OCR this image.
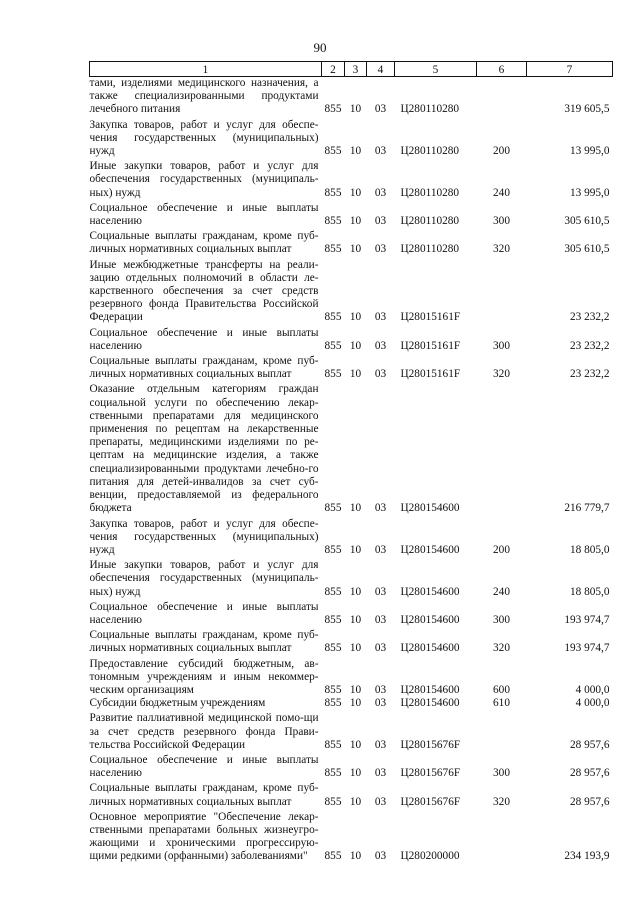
90
1	2	3	4	5	6	7
тами, изделиями медицинского назначения, а также специализированными продуктами лечебного питания	855	10	03	Ц280110280		319 605,5
Закупка товаров, работ и услуг для обеспе-чения государственных (муниципальных) нужд	855	10	03	Ц280110280	200	13 995,0
Иные закупки товаров, работ и услуг для обеспечения государственных (муниципаль-ных) нужд	855	10	03	Ц280110280	240	13 995,0
Социальное обеспечение и иные выплаты населению	855	10	03	Ц280110280	300	305 610,5
Социальные выплаты гражданам, кроме пуб-личных нормативных социальных выплат	855	10	03	Ц280110280	320	305 610,5
Иные межбюджетные трансферты на реали-зацию отдельных полномочий в области ле-карственного обеспечения за счет средств резервного фонда Правительства Российской Федерации	855	10	03	Ц28015161F		23 232,2
Социальное обеспечение и иные выплаты населению	855	10	03	Ц28015161F	300	23 232,2
Социальные выплаты гражданам, кроме пуб-личных нормативных социальных выплат	855	10	03	Ц28015161F	320	23 232,2
Оказание отдельным категориям граждан социальной услуги по обеспечению лекар-ственными препаратами для медицинского применения по рецептам на лекарственные препараты, медицинскими изделиями по ре-цептам на медицинские изделия, а также специализированными продуктами лечебно-го питания для детей-инвалидов за счет суб-венции, предоставляемой из федерального бюджета	855	10	03	Ц280154600		216 779,7
Закупка товаров, работ и услуг для обеспе-чения государственных (муниципальных) нужд	855	10	03	Ц280154600	200	18 805,0
Иные закупки товаров, работ и услуг для обеспечения государственных (муниципаль-ных) нужд	855	10	03	Ц280154600	240	18 805,0
Социальное обеспечение и иные выплаты населению	855	10	03	Ц280154600	300	193 974,7
Социальные выплаты гражданам, кроме пуб-личных нормативных социальных выплат	855	10	03	Ц280154600	320	193 974,7
Предоставление субсидий бюджетным, ав-тономным учреждениям и иным некоммер-ческим организациям	855	10	03	Ц280154600	600	4 000,0
Субсидии бюджетным учреждениям	855	10	03	Ц280154600	610	4 000,0
Развитие паллиативной медицинской помо-щи за счет средств резервного фонда Прави-тельства Российской Федерации	855	10	03	Ц28015676F		28 957,6
Социальное обеспечение и иные выплаты населению	855	10	03	Ц28015676F	300	28 957,6
Социальные выплаты гражданам, кроме пуб-личных нормативных социальных выплат	855	10	03	Ц28015676F	320	28 957,6
Основное мероприятие "Обеспечение лекар-ственными препаратами больных жизнеугро-жающими и хроническими прогрессирую-щими редкими (орфанными) заболеваниями"	855	10	03	Ц280200000		234 193,9
